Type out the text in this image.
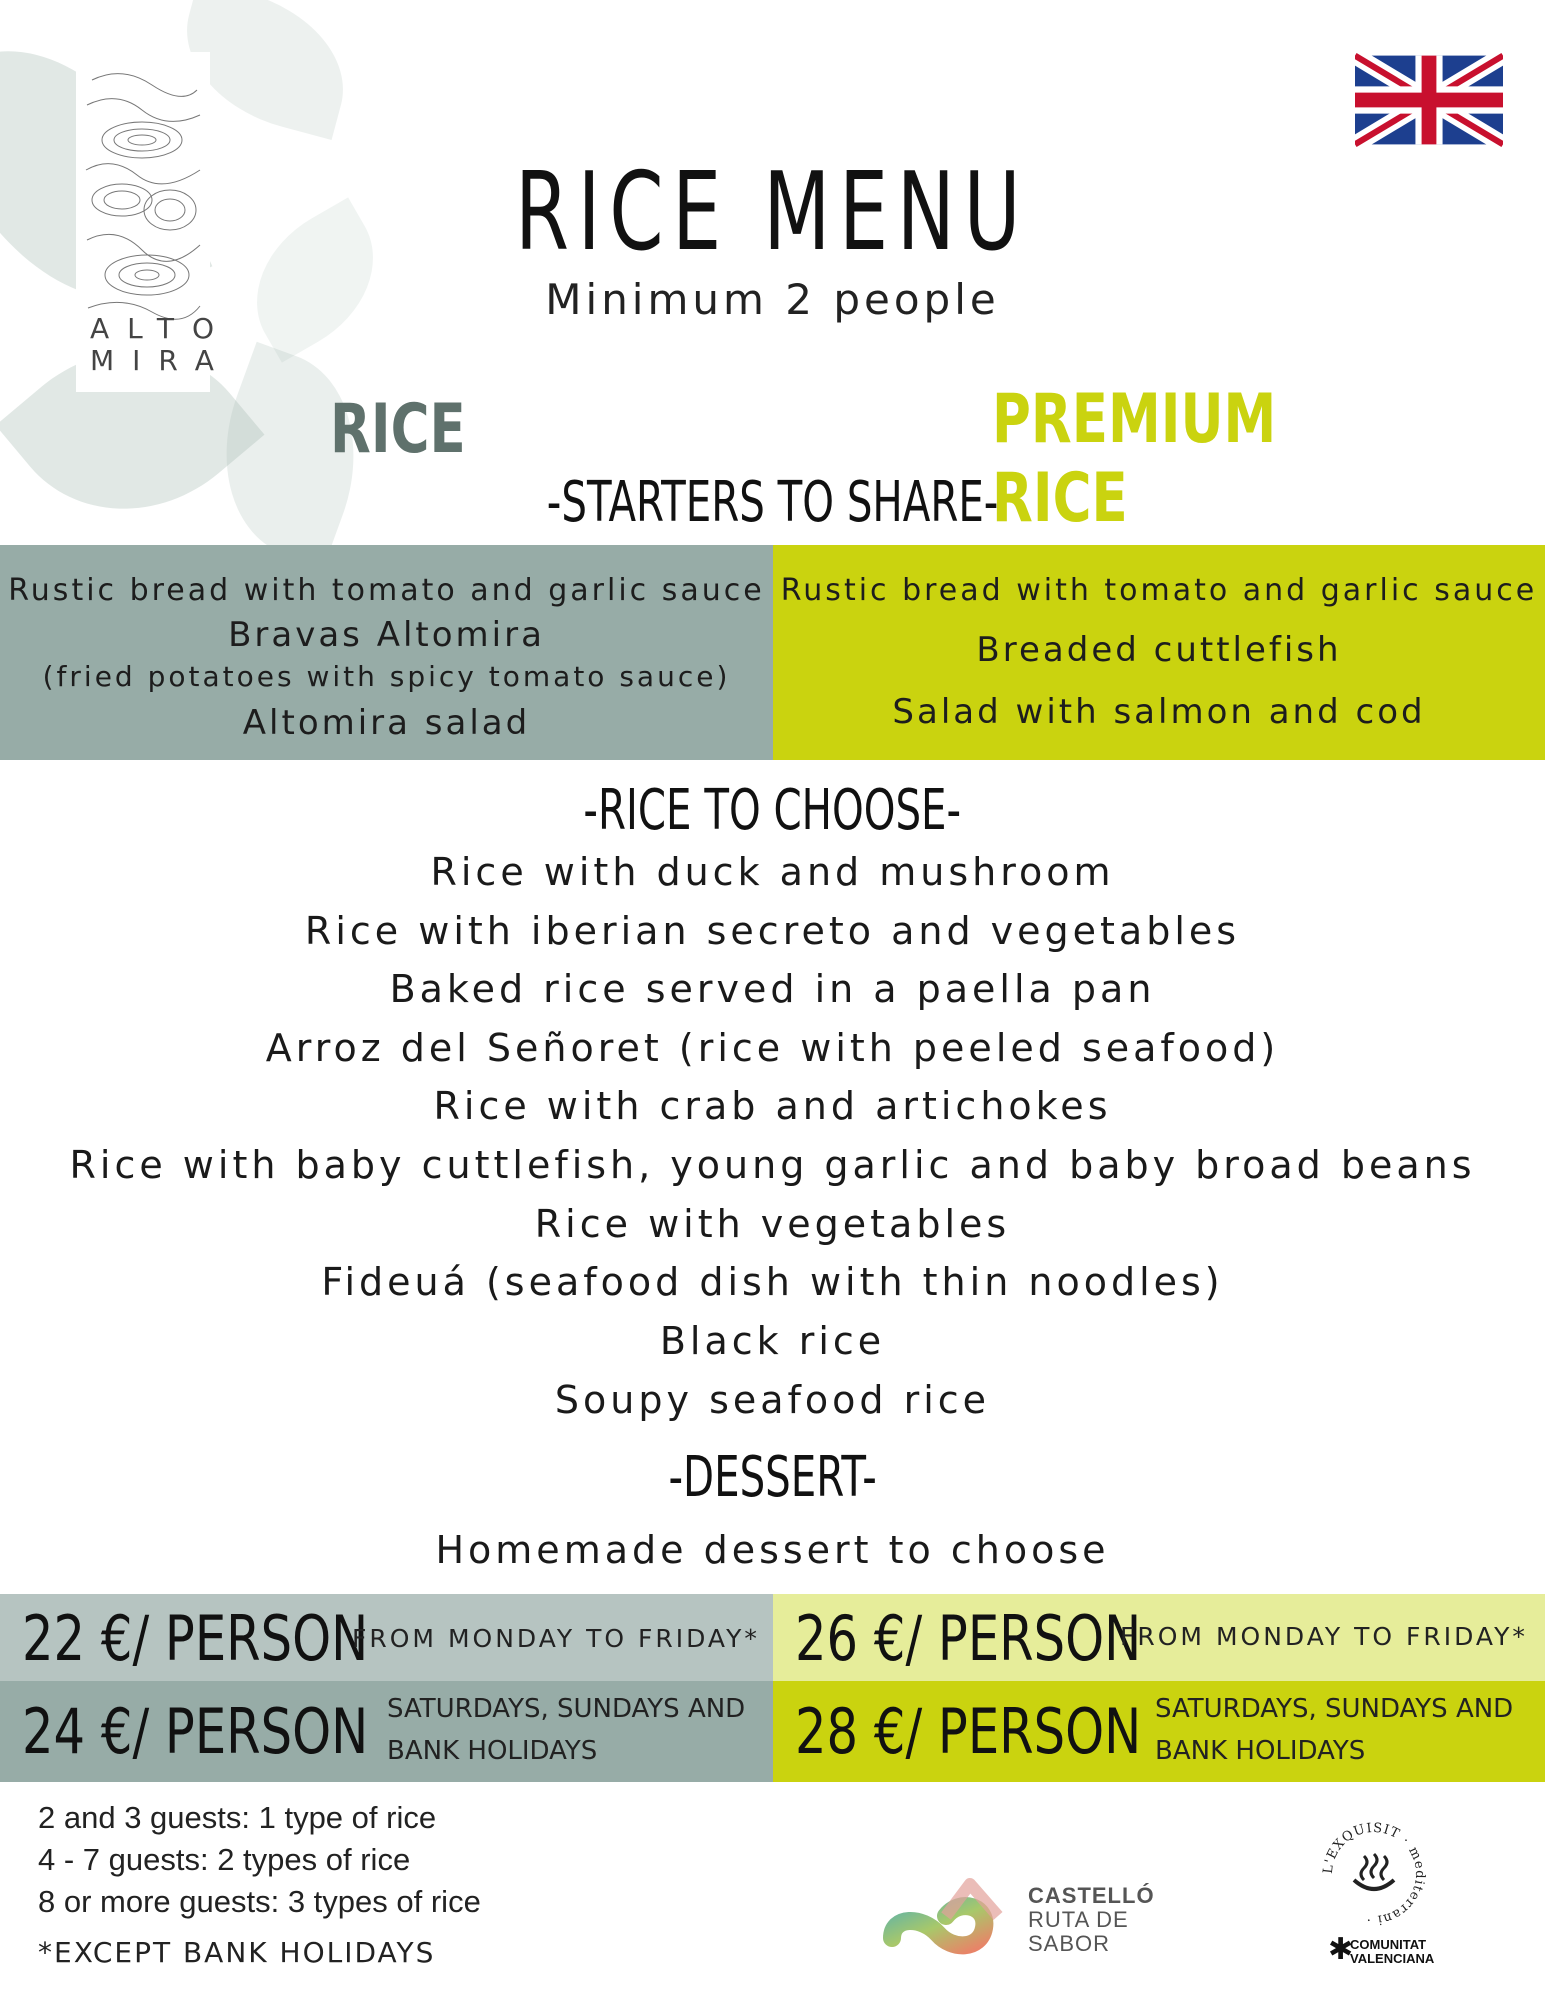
ALTO
MIRA
RICE MENU
Minimum 2 people
RICE	PREMIUM RICE
-STARTERS TO SHARE-
Rustic bread with tomato and garlic sauce
Bravas Altomira
(fried potatoes with spicy tomato sauce)
Altomira salad
Rustic bread with tomato and garlic sauce
Breaded cuttlefish
Salad with salmon and cod
-RICE TO CHOOSE-
Rice with duck and mushroom
Rice with iberian secreto and vegetables
Baked rice served in a paella pan
Arroz del Señoret (rice with peeled seafood)
Rice with crab and artichokes
Rice with baby cuttlefish, young garlic and baby broad beans
Rice with vegetables
Fideuá (seafood dish with thin noodles)
Black rice
Soupy seafood rice
-DESSERT-
Homemade dessert to choose
22 €/ PERSON
FROM MONDAY TO FRIDAY*
24 €/ PERSON SATURDAYS, SUNDAYS AND
BANK HOLIDAYS
26 €/ PERSON
FROM MONDAY TO FRIDAY*
28 €/ PERSON SATURDAYS, SUNDAYS AND
BANK HOLIDAYS
2 and 3 guests: 1 type of rice
4 - 7 guests: 2 types of rice
8 or more guests: 3 types of rice
*EXCEPT BANK HOLIDAYS
CASTELLÓ
RUTA DE
SABOR
L'EXQUISIT · mediterrani ·
✱
COMUNITAT
VALENCIANA
